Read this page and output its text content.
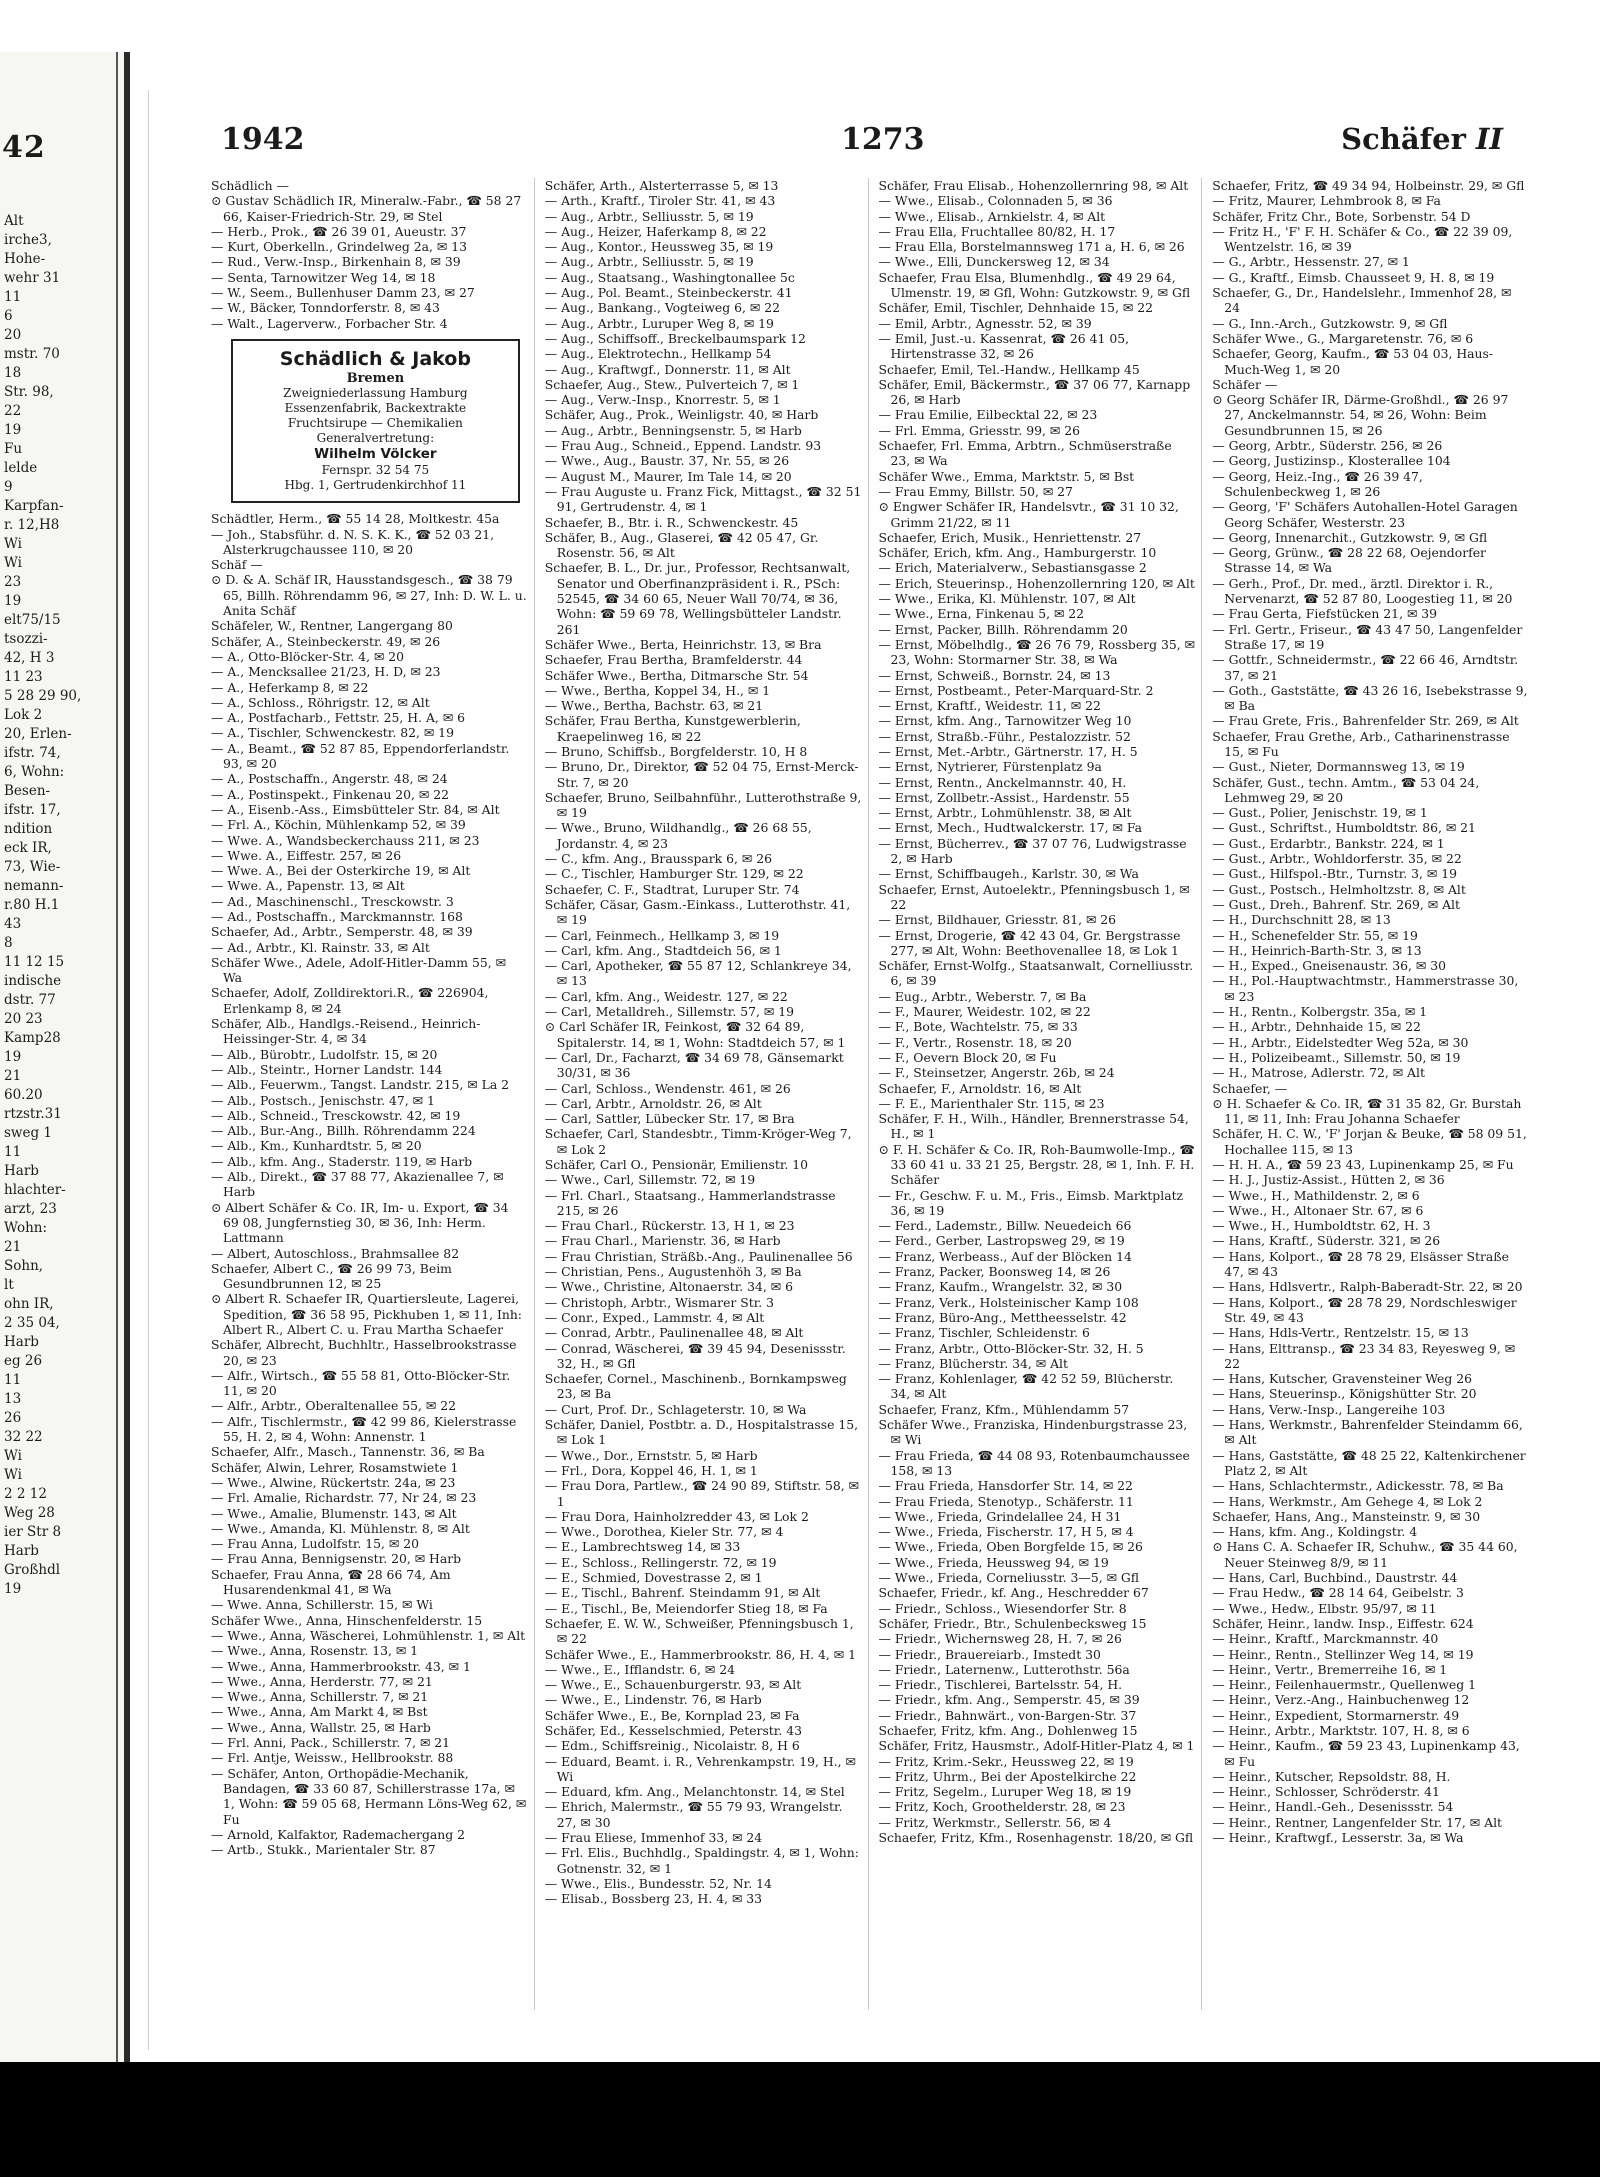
42
Alt
irche3,
Hohe-
wehr 31
11
6
20
mstr. 70
18
Str. 98,
22
19
Fu
lelde
9
Karpfan-
r. 12,H8
Wi
Wi
23
19
elt75/15
tsozzi-
42, H 3
11 23
5 28 29 90,
Lok 2
20, Erlen-
ifstr. 74,
6, Wohn:
Besen-
ifstr. 17,
ndition
eck IR,
73, Wie-
nemann-
r.80 H.1
43
8
11 12 15
indische
dstr. 77
20 23
Kamp28
19
21
60.20
rtzstr.31
sweg 1
11
Harb
hlachter-
arzt, 23
Wohn:
21
Sohn,
lt
ohn IR,
2 35 04,
Harb
eg 26
11
13
26
32 22
Wi
Wi
2 2 12
Weg 28
ier Str 8
Harb
Großhdl
19
1942	1273	Schäfer II
Schädlich —
⊙ Gustav Schädlich IR, Mineralw.-Fabr., ☎ 58 27 66, Kaiser-Friedrich-Str. 29, ✉ Stel
— Herb., Prok., ☎ 26 39 01, Aueustr. 37
— Kurt, Oberkelln., Grindelweg 2a, ✉ 13
— Rud., Verw.-Insp., Birkenhain 8, ✉ 39
— Senta, Tarnowitzer Weg 14, ✉ 18
— W., Seem., Bullenhuser Damm 23, ✉ 27
— W., Bäcker, Tonndorferstr. 8, ✉ 43
— Walt., Lagerverw., Forbacher Str. 4
Schädlich & Jakob
Bremen
Zweigniederlassung Hamburg
Essenzenfabrik, Backextrakte
Fruchtsirupe — Chemikalien
Generalvertretung:
Wilhelm Völcker
Fernspr. 32 54 75
Hbg. 1, Gertrudenkirchhof 11
Schädtler, Herm., ☎ 55 14 28, Moltkestr. 45a
— Joh., Stabsführ. d. N. S. K. K., ☎ 52 03 21, Alsterkrugchaussee 110, ✉ 20
Schäf —
⊙ D. & A. Schäf IR, Hausstandsgesch., ☎ 38 79 65, Billh. Röhrendamm 96, ✉ 27, Inh: D. W. L. u. Anita Schäf
Schäfeler, W., Rentner, Langergang 80
Schäfer, A., Steinbeckerstr. 49, ✉ 26
— A., Otto-Blöcker-Str. 4, ✉ 20
— A., Mencksallee 21/23, H. D, ✉ 23
— A., Heferkamp 8, ✉ 22
— A., Schloss., Röhrigstr. 12, ✉ Alt
— A., Postfacharb., Fettstr. 25, H. A, ✉ 6
— A., Tischler, Schwenckestr. 82, ✉ 19
— A., Beamt., ☎ 52 87 85, Eppendorferlandstr. 93, ✉ 20
— A., Postschaffn., Angerstr. 48, ✉ 24
— A., Postinspekt., Finkenau 20, ✉ 22
— A., Eisenb.-Ass., Eimsbütteler Str. 84, ✉ Alt
— Frl. A., Köchin, Mühlenkamp 52, ✉ 39
— Wwe. A., Wandsbeckerchauss 211, ✉ 23
— Wwe. A., Eiffestr. 257, ✉ 26
— Wwe. A., Bei der Osterkirche 19, ✉ Alt
— Wwe. A., Papenstr. 13, ✉ Alt
— Ad., Maschinenschl., Tresckowstr. 3
— Ad., Postschaffn., Marckmannstr. 168
Schaefer, Ad., Arbtr., Semperstr. 48, ✉ 39
— Ad., Arbtr., Kl. Rainstr. 33, ✉ Alt
Schäfer Wwe., Adele, Adolf-Hitler-Damm 55, ✉ Wa
Schaefer, Adolf, Zolldirektori.R., ☎ 226904, Erlenkamp 8, ✉ 24
Schäfer, Alb., Handlgs.-Reisend., Heinrich-Heissinger-Str. 4, ✉ 34
— Alb., Bürobtr., Ludolfstr. 15, ✉ 20
— Alb., Steintr., Horner Landstr. 144
— Alb., Feuerwm., Tangst. Landstr. 215, ✉ La 2
— Alb., Postsch., Jenischstr. 47, ✉ 1
— Alb., Schneid., Tresckowstr. 42, ✉ 19
— Alb., Bur.-Ang., Billh. Röhrendamm 224
— Alb., Km., Kunhardtstr. 5, ✉ 20
— Alb., kfm. Ang., Staderstr. 119, ✉ Harb
— Alb., Direkt., ☎ 37 88 77, Akazienallee 7, ✉ Harb
⊙ Albert Schäfer & Co. IR, Im- u. Export, ☎ 34 69 08, Jungfernstieg 30, ✉ 36, Inh: Herm. Lattmann
— Albert, Autoschloss., Brahmsallee 82
Schaefer, Albert C., ☎ 26 99 73, Beim Gesundbrunnen 12, ✉ 25
⊙ Albert R. Schaefer IR, Quartiersleute, Lagerei, Spedition, ☎ 36 58 95, Pickhuben 1, ✉ 11, Inh: Albert R., Albert C. u. Frau Martha Schaefer
Schäfer, Albrecht, Buchhltr., Hasselbrookstrasse 20, ✉ 23
— Alfr., Wirtsch., ☎ 55 58 81, Otto-Blöcker-Str. 11, ✉ 20
— Alfr., Arbtr., Oberaltenallee 55, ✉ 22
— Alfr., Tischlermstr., ☎ 42 99 86, Kielerstrasse 55, H. 2, ✉ 4, Wohn: Annenstr. 1
Schaefer, Alfr., Masch., Tannenstr. 36, ✉ Ba
Schäfer, Alwin, Lehrer, Rosamstwiete 1
— Wwe., Alwine, Rückertstr. 24a, ✉ 23
— Frl. Amalie, Richardstr. 77, Nr 24, ✉ 23
— Wwe., Amalie, Blumenstr. 143, ✉ Alt
— Wwe., Amanda, Kl. Mühlenstr. 8, ✉ Alt
— Frau Anna, Ludolfstr. 15, ✉ 20
— Frau Anna, Bennigsenstr. 20, ✉ Harb
Schaefer, Frau Anna, ☎ 28 66 74, Am Husarendenkmal 41, ✉ Wa
— Wwe. Anna, Schillerstr. 15, ✉ Wi
Schäfer Wwe., Anna, Hinschenfelderstr. 15
— Wwe., Anna, Wäscherei, Lohmühlenstr. 1, ✉ Alt
— Wwe., Anna, Rosenstr. 13, ✉ 1
— Wwe., Anna, Hammerbrookstr. 43, ✉ 1
— Wwe., Anna, Herderstr. 77, ✉ 21
— Wwe., Anna, Schillerstr. 7, ✉ 21
— Wwe., Anna, Am Markt 4, ✉ Bst
— Wwe., Anna, Wallstr. 25, ✉ Harb
— Frl. Anni, Pack., Schillerstr. 7, ✉ 21
— Frl. Antje, Weissw., Hellbrookstr. 88
— Schäfer, Anton, Orthopädie-Mechanik, Bandagen, ☎ 33 60 87, Schillerstrasse 17a, ✉ 1, Wohn: ☎ 59 05 68, Hermann Löns-Weg 62, ✉ Fu
— Arnold, Kalfaktor, Rademachergang 2
— Artb., Stukk., Marientaler Str. 87
Schäfer, Arth., Alsterterrasse 5, ✉ 13
— Arth., Kraftf., Tiroler Str. 41, ✉ 43
— Aug., Arbtr., Selliusstr. 5, ✉ 19
— Aug., Heizer, Haferkamp 8, ✉ 22
— Aug., Kontor., Heussweg 35, ✉ 19
— Aug., Arbtr., Selliusstr. 5, ✉ 19
— Aug., Staatsang., Washingtonallee 5c
— Aug., Pol. Beamt., Steinbeckerstr. 41
— Aug., Bankang., Vogteiweg 6, ✉ 22
— Aug., Arbtr., Luruper Weg 8, ✉ 19
— Aug., Schiffsoff., Breckelbaumspark 12
— Aug., Elektrotechn., Hellkamp 54
— Aug., Kraftwgf., Donnerstr. 11, ✉ Alt
Schaefer, Aug., Stew., Pulverteich 7, ✉ 1
— Aug., Verw.-Insp., Knorrestr. 5, ✉ 1
Schäfer, Aug., Prok., Weinligstr. 40, ✉ Harb
— Aug., Arbtr., Benningsenstr. 5, ✉ Harb
— Frau Aug., Schneid., Eppend. Landstr. 93
— Wwe., Aug., Baustr. 37, Nr. 55, ✉ 26
— August M., Maurer, Im Tale 14, ✉ 20
— Frau Auguste u. Franz Fick, Mittagst., ☎ 32 51 91, Gertrudenstr. 4, ✉ 1
Schaefer, B., Btr. i. R., Schwenckestr. 45
Schäfer, B., Aug., Glaserei, ☎ 42 05 47, Gr. Rosenstr. 56, ✉ Alt
Schaefer, B. L., Dr. jur., Professor, Rechtsanwalt, Senator und Oberfinanzpräsident i. R., PSch: 52545, ☎ 34 60 65, Neuer Wall 70/74, ✉ 36, Wohn: ☎ 59 69 78, Wellingsbütteler Landstr. 261
Schäfer Wwe., Berta, Heinrichstr. 13, ✉ Bra
Schaefer, Frau Bertha, Bramfelderstr. 44
Schäfer Wwe., Bertha, Ditmarsche Str. 54
— Wwe., Bertha, Koppel 34, H., ✉ 1
— Wwe., Bertha, Bachstr. 63, ✉ 21
Schäfer, Frau Bertha, Kunstgewerblerin, Kraepelinweg 16, ✉ 22
— Bruno, Schiffsb., Borgfelderstr. 10, H 8
— Bruno, Dr., Direktor, ☎ 52 04 75, Ernst-Merck-Str. 7, ✉ 20
Schaefer, Bruno, Seilbahnführ., Lutterothstraße 9, ✉ 19
— Wwe., Bruno, Wildhandlg., ☎ 26 68 55, Jordanstr. 4, ✉ 23
— C., kfm. Ang., Brausspark 6, ✉ 26
— C., Tischler, Hamburger Str. 129, ✉ 22
Schaefer, C. F., Stadtrat, Luruper Str. 74
Schäfer, Cäsar, Gasm.-Einkass., Lutterothstr. 41, ✉ 19
— Carl, Feinmech., Hellkamp 3, ✉ 19
— Carl, kfm. Ang., Stadtdeich 56, ✉ 1
— Carl, Apotheker, ☎ 55 87 12, Schlankreye 34, ✉ 13
— Carl, kfm. Ang., Weidestr. 127, ✉ 22
— Carl, Metalldreh., Sillemstr. 57, ✉ 19
⊙ Carl Schäfer IR, Feinkost, ☎ 32 64 89, Spitalerstr. 14, ✉ 1, Wohn: Stadtdeich 57, ✉ 1
— Carl, Dr., Facharzt, ☎ 34 69 78, Gänsemarkt 30/31, ✉ 36
— Carl, Schloss., Wendenstr. 461, ✉ 26
— Carl, Arbtr., Arnoldstr. 26, ✉ Alt
— Carl, Sattler, Lübecker Str. 17, ✉ Bra
Schaefer, Carl, Standesbtr., Timm-Kröger-Weg 7, ✉ Lok 2
Schäfer, Carl O., Pensionär, Emilienstr. 10
— Wwe., Carl, Sillemstr. 72, ✉ 19
— Frl. Charl., Staatsang., Hammerlandstrasse 215, ✉ 26
— Frau Charl., Rückerstr. 13, H 1, ✉ 23
— Frau Charl., Marienstr. 36, ✉ Harb
— Frau Christian, Sträßb.-Ang., Paulinenallee 56
— Christian, Pens., Augustenhöh 3, ✉ Ba
— Wwe., Christine, Altonaerstr. 34, ✉ 6
— Christoph, Arbtr., Wismarer Str. 3
— Conr., Exped., Lammstr. 4, ✉ Alt
— Conrad, Arbtr., Paulinenallee 48, ✉ Alt
— Conrad, Wäscherei, ☎ 39 45 94, Desenissstr. 32, H., ✉ Gfl
Schaefer, Cornel., Maschinenb., Bornkampsweg 23, ✉ Ba
— Curt, Prof. Dr., Schlageterstr. 10, ✉ Wa
Schäfer, Daniel, Postbtr. a. D., Hospitalstrasse 15, ✉ Lok 1
— Wwe., Dor., Ernststr. 5, ✉ Harb
— Frl., Dora, Koppel 46, H. 1, ✉ 1
— Frau Dora, Partlew., ☎ 24 90 89, Stiftstr. 58, ✉ 1
— Frau Dora, Hainholzredder 43, ✉ Lok 2
— Wwe., Dorothea, Kieler Str. 77, ✉ 4
— E., Lambrechtsweg 14, ✉ 33
— E., Schloss., Rellingerstr. 72, ✉ 19
— E., Schmied, Dovestrasse 2, ✉ 1
— E., Tischl., Bahrenf. Steindamm 91, ✉ Alt
— E., Tischl., Be, Meiendorfer Stieg 18, ✉ Fa
Schaefer, E. W. W., Schweißer, Pfenningsbusch 1, ✉ 22
Schäfer Wwe., E., Hammerbrookstr. 86, H. 4, ✉ 1
— Wwe., E., Ifflandstr. 6, ✉ 24
— Wwe., E., Schauenburgerstr. 93, ✉ Alt
— Wwe., E., Lindenstr. 76, ✉ Harb
Schäfer Wwe., E., Be, Kornplad 23, ✉ Fa
Schäfer, Ed., Kesselschmied, Peterstr. 43
— Edm., Schiffsreinig., Nicolaistr. 8, H 6
— Eduard, Beamt. i. R., Vehrenkampstr. 19, H., ✉ Wi
— Eduard, kfm. Ang., Melanchtonstr. 14, ✉ Stel
— Ehrich, Malermstr., ☎ 55 79 93, Wrangelstr. 27, ✉ 30
— Frau Eliese, Immenhof 33, ✉ 24
— Frl. Elis., Buchhdlg., Spaldingstr. 4, ✉ 1, Wohn: Gotnenstr. 32, ✉ 1
— Wwe., Elis., Bundesstr. 52, Nr. 14
— Elisab., Bossberg 23, H. 4, ✉ 33
Schäfer, Frau Elisab., Hohenzollernring 98, ✉ Alt
— Wwe., Elisab., Colonnaden 5, ✉ 36
— Wwe., Elisab., Arnkielstr. 4, ✉ Alt
— Frau Ella, Fruchtallee 80/82, H. 17
— Frau Ella, Borstelmannsweg 171 a, H. 6, ✉ 26
— Wwe., Elli, Dunckersweg 12, ✉ 34
Schaefer, Frau Elsa, Blumenhdlg., ☎ 49 29 64, Ulmenstr. 19, ✉ Gfl, Wohn: Gutzkowstr. 9, ✉ Gfl
Schäfer, Emil, Tischler, Dehnhaide 15, ✉ 22
— Emil, Arbtr., Agnesstr. 52, ✉ 39
— Emil, Just.-u. Kassenrat, ☎ 26 41 05, Hirtenstrasse 32, ✉ 26
Schaefer, Emil, Tel.-Handw., Hellkamp 45
Schäfer, Emil, Bäckermstr., ☎ 37 06 77, Karnapp 26, ✉ Harb
— Frau Emilie, Eilbecktal 22, ✉ 23
— Frl. Emma, Griesstr. 99, ✉ 26
Schaefer, Frl. Emma, Arbtrn., Schmüserstraße 23, ✉ Wa
Schäfer Wwe., Emma, Marktstr. 5, ✉ Bst
— Frau Emmy, Billstr. 50, ✉ 27
⊙ Engwer Schäfer IR, Handelsvtr., ☎ 31 10 32, Grimm 21/22, ✉ 11
Schaefer, Erich, Musik., Henriettenstr. 27
Schäfer, Erich, kfm. Ang., Hamburgerstr. 10
— Erich, Materialverw., Sebastiansgasse 2
— Erich, Steuerinsp., Hohenzollernring 120, ✉ Alt
— Wwe., Erika, Kl. Mühlenstr. 107, ✉ Alt
— Wwe., Erna, Finkenau 5, ✉ 22
— Ernst, Packer, Billh. Röhrendamm 20
— Ernst, Möbelhdlg., ☎ 26 76 79, Rossberg 35, ✉ 23, Wohn: Stormarner Str. 38, ✉ Wa
— Ernst, Schweiß., Bornstr. 24, ✉ 13
— Ernst, Postbeamt., Peter-Marquard-Str. 2
— Ernst, Kraftf., Weidestr. 11, ✉ 22
— Ernst, kfm. Ang., Tarnowitzer Weg 10
— Ernst, Straßb.-Führ., Pestalozzistr. 52
— Ernst, Met.-Arbtr., Gärtnerstr. 17, H. 5
— Ernst, Nytrierer, Fürstenplatz 9a
— Ernst, Rentn., Anckelmannstr. 40, H.
— Ernst, Zollbetr.-Assist., Hardenstr. 55
— Ernst, Arbtr., Lohmühlenstr. 38, ✉ Alt
— Ernst, Mech., Hudtwalckerstr. 17, ✉ Fa
— Ernst, Bücherrev., ☎ 37 07 76, Ludwigstrasse 2, ✉ Harb
— Ernst, Schiffbaugeh., Karlstr. 30, ✉ Wa
Schaefer, Ernst, Autoelektr., Pfenningsbusch 1, ✉ 22
— Ernst, Bildhauer, Griesstr. 81, ✉ 26
— Ernst, Drogerie, ☎ 42 43 04, Gr. Bergstrasse 277, ✉ Alt, Wohn: Beethovenallee 18, ✉ Lok 1
Schäfer, Ernst-Wolfg., Staatsanwalt, Cornelliusstr. 6, ✉ 39
— Eug., Arbtr., Weberstr. 7, ✉ Ba
— F., Maurer, Weidestr. 102, ✉ 22
— F., Bote, Wachtelstr. 75, ✉ 33
— F., Vertr., Rosenstr. 18, ✉ 20
— F., Oevern Block 20, ✉ Fu
— F., Steinsetzer, Angerstr. 26b, ✉ 24
Schaefer, F., Arnoldstr. 16, ✉ Alt
— F. E., Marienthaler Str. 115, ✉ 23
Schäfer, F. H., Wilh., Händler, Brennerstrasse 54, H., ✉ 1
⊙ F. H. Schäfer & Co. IR, Roh-Baumwolle-Imp., ☎ 33 60 41 u. 33 21 25, Bergstr. 28, ✉ 1, Inh. F. H. Schäfer
— Fr., Geschw. F. u. M., Fris., Eimsb. Marktplatz 36, ✉ 19
— Ferd., Lademstr., Billw. Neuedeich 66
— Ferd., Gerber, Lastropsweg 29, ✉ 19
— Franz, Werbeass., Auf der Blöcken 14
— Franz, Packer, Boonsweg 14, ✉ 26
— Franz, Kaufm., Wrangelstr. 32, ✉ 30
— Franz, Verk., Holsteinischer Kamp 108
— Franz, Büro-Ang., Mettheesselstr. 42
— Franz, Tischler, Schleidenstr. 6
— Franz, Arbtr., Otto-Blöcker-Str. 32, H. 5
— Franz, Blücherstr. 34, ✉ Alt
— Franz, Kohlenlager, ☎ 42 52 59, Blücherstr. 34, ✉ Alt
Schaefer, Franz, Kfm., Mühlendamm 57
Schäfer Wwe., Franziska, Hindenburgstrasse 23, ✉ Wi
— Frau Frieda, ☎ 44 08 93, Rotenbaumchaussee 158, ✉ 13
— Frau Frieda, Hansdorfer Str. 14, ✉ 22
— Frau Frieda, Stenotyp., Schäferstr. 11
— Wwe., Frieda, Grindelallee 24, H 31
— Wwe., Frieda, Fischerstr. 17, H 5, ✉ 4
— Wwe., Frieda, Oben Borgfelde 15, ✉ 26
— Wwe., Frieda, Heussweg 94, ✉ 19
— Wwe., Frieda, Corneliusstr. 3—5, ✉ Gfl
Schaefer, Friedr., kf. Ang., Heschredder 67
— Friedr., Schloss., Wiesendorfer Str. 8
Schäfer, Friedr., Btr., Schulenbecksweg 15
— Friedr., Wichernsweg 28, H. 7, ✉ 26
— Friedr., Brauereiarb., Imstedt 30
— Friedr., Laternenw., Lutterothstr. 56a
— Friedr., Tischlerei, Bartelsstr. 54, H.
— Friedr., kfm. Ang., Semperstr. 45, ✉ 39
— Friedr., Bahnwärt., von-Bargen-Str. 37
Schaefer, Fritz, kfm. Ang., Dohlenweg 15
Schäfer, Fritz, Hausmstr., Adolf-Hitler-Platz 4, ✉ 1
— Fritz, Krim.-Sekr., Heussweg 22, ✉ 19
— Fritz, Uhrm., Bei der Apostelkirche 22
— Fritz, Segelm., Luruper Weg 18, ✉ 19
— Fritz, Koch, Groothelderstr. 28, ✉ 23
— Fritz, Werkmstr., Sellerstr. 56, ✉ 4
Schaefer, Fritz, Kfm., Rosenhagenstr. 18/20, ✉ Gfl
Schaefer, Fritz, ☎ 49 34 94, Holbeinstr. 29, ✉ Gfl
— Fritz, Maurer, Lehmbrook 8, ✉ Fa
Schäfer, Fritz Chr., Bote, Sorbenstr. 54 D
— Fritz H., 'F' F. H. Schäfer & Co., ☎ 22 39 09, Wentzelstr. 16, ✉ 39
— G., Arbtr., Hessenstr. 27, ✉ 1
— G., Kraftf., Eimsb. Chausseet 9, H. 8, ✉ 19
Schaefer, G., Dr., Handelslehr., Immenhof 28, ✉ 24
— G., Inn.-Arch., Gutzkowstr. 9, ✉ Gfl
Schäfer Wwe., G., Margaretenstr. 76, ✉ 6
Schaefer, Georg, Kaufm., ☎ 53 04 03, Haus-Much-Weg 1, ✉ 20
Schäfer —
⊙ Georg Schäfer IR, Därme-Großhdl., ☎ 26 97 27, Anckelmannstr. 54, ✉ 26, Wohn: Beim Gesundbrunnen 15, ✉ 26
— Georg, Arbtr., Süderstr. 256, ✉ 26
— Georg, Justizinsp., Klosterallee 104
— Georg, Heiz.-Ing., ☎ 26 39 47, Schulenbeckweg 1, ✉ 26
— Georg, 'F' Schäfers Autohallen-Hotel Garagen Georg Schäfer, Westerstr. 23
— Georg, Innenarchit., Gutzkowstr. 9, ✉ Gfl
— Georg, Grünw., ☎ 28 22 68, Oejendorfer Strasse 14, ✉ Wa
— Gerh., Prof., Dr. med., ärztl. Direktor i. R., Nervenarzt, ☎ 52 87 80, Loogestieg 11, ✉ 20
— Frau Gerta, Fiefstücken 21, ✉ 39
— Frl. Gertr., Friseur., ☎ 43 47 50, Langenfelder Straße 17, ✉ 19
— Gottfr., Schneidermstr., ☎ 22 66 46, Arndtstr. 37, ✉ 21
— Goth., Gaststätte, ☎ 43 26 16, Isebekstrasse 9, ✉ Ba
— Frau Grete, Fris., Bahrenfelder Str. 269, ✉ Alt
Schaefer, Frau Grethe, Arb., Catharinenstrasse 15, ✉ Fu
— Gust., Nieter, Dormannsweg 13, ✉ 19
Schäfer, Gust., techn. Amtm., ☎ 53 04 24, Lehmweg 29, ✉ 20
— Gust., Polier, Jenischstr. 19, ✉ 1
— Gust., Schriftst., Humboldtstr. 86, ✉ 21
— Gust., Erdarbtr., Bankstr. 224, ✉ 1
— Gust., Arbtr., Wohldorferstr. 35, ✉ 22
— Gust., Hilfspol.-Btr., Turnstr. 3, ✉ 19
— Gust., Postsch., Helmholtzstr. 8, ✉ Alt
— Gust., Dreh., Bahrenf. Str. 269, ✉ Alt
— H., Durchschnitt 28, ✉ 13
— H., Schenefelder Str. 55, ✉ 19
— H., Heinrich-Barth-Str. 3, ✉ 13
— H., Exped., Gneisenaustr. 36, ✉ 30
— H., Pol.-Hauptwachtmstr., Hammerstrasse 30, ✉ 23
— H., Rentn., Kolbergstr. 35a, ✉ 1
— H., Arbtr., Dehnhaide 15, ✉ 22
— H., Arbtr., Eidelstedter Weg 52a, ✉ 30
— H., Polizeibeamt., Sillemstr. 50, ✉ 19
— H., Matrose, Adlerstr. 72, ✉ Alt
Schaefer, —
⊙ H. Schaefer & Co. IR, ☎ 31 35 82, Gr. Burstah 11, ✉ 11, Inh: Frau Johanna Schaefer
Schäfer, H. C. W., 'F' Jorjan & Beuke, ☎ 58 09 51, Hochallee 115, ✉ 13
— H. H. A., ☎ 59 23 43, Lupinenkamp 25, ✉ Fu
— H. J., Justiz-Assist., Hütten 2, ✉ 36
— Wwe., H., Mathildenstr. 2, ✉ 6
— Wwe., H., Altonaer Str. 67, ✉ 6
— Wwe., H., Humboldtstr. 62, H. 3
— Hans, Kraftf., Süderstr. 321, ✉ 26
— Hans, Kolport., ☎ 28 78 29, Elsässer Straße 47, ✉ 43
— Hans, Hdlsvertr., Ralph-Baberadt-Str. 22, ✉ 20
— Hans, Kolport., ☎ 28 78 29, Nordschleswiger Str. 49, ✉ 43
— Hans, Hdls-Vertr., Rentzelstr. 15, ✉ 13
— Hans, Elttransp., ☎ 23 34 83, Reyesweg 9, ✉ 22
— Hans, Kutscher, Gravensteiner Weg 26
— Hans, Steuerinsp., Königshütter Str. 20
— Hans, Verw.-Insp., Langereihe 103
— Hans, Werkmstr., Bahrenfelder Steindamm 66, ✉ Alt
— Hans, Gaststätte, ☎ 48 25 22, Kaltenkirchener Platz 2, ✉ Alt
— Hans, Schlachtermstr., Adickesstr. 78, ✉ Ba
— Hans, Werkmstr., Am Gehege 4, ✉ Lok 2
Schaefer, Hans, Ang., Mansteinstr. 9, ✉ 30
— Hans, kfm. Ang., Koldingstr. 4
⊙ Hans C. A. Schaefer IR, Schuhw., ☎ 35 44 60, Neuer Steinweg 8/9, ✉ 11
— Hans, Carl, Buchbind., Daustrstr. 44
— Frau Hedw., ☎ 28 14 64, Geibelstr. 3
— Wwe., Hedw., Elbstr. 95/97, ✉ 11
Schäfer, Heinr., landw. Insp., Eiffestr. 624
— Heinr., Kraftf., Marckmannstr. 40
— Heinr., Rentn., Stellinzer Weg 14, ✉ 19
— Heinr., Vertr., Bremerreihe 16, ✉ 1
— Heinr., Feilenhauermstr., Quellenweg 1
— Heinr., Verz.-Ang., Hainbuchenweg 12
— Heinr., Expedient, Stormarnerstr. 49
— Heinr., Arbtr., Marktstr. 107, H. 8, ✉ 6
— Heinr., Kaufm., ☎ 59 23 43, Lupinenkamp 43, ✉ Fu
— Heinr., Kutscher, Repsoldstr. 88, H.
— Heinr., Schlosser, Schröderstr. 41
— Heinr., Handl.-Geh., Desenissstr. 54
— Heinr., Rentner, Langenfelder Str. 17, ✉ Alt
— Heinr., Kraftwgf., Lesserstr. 3a, ✉ Wa
